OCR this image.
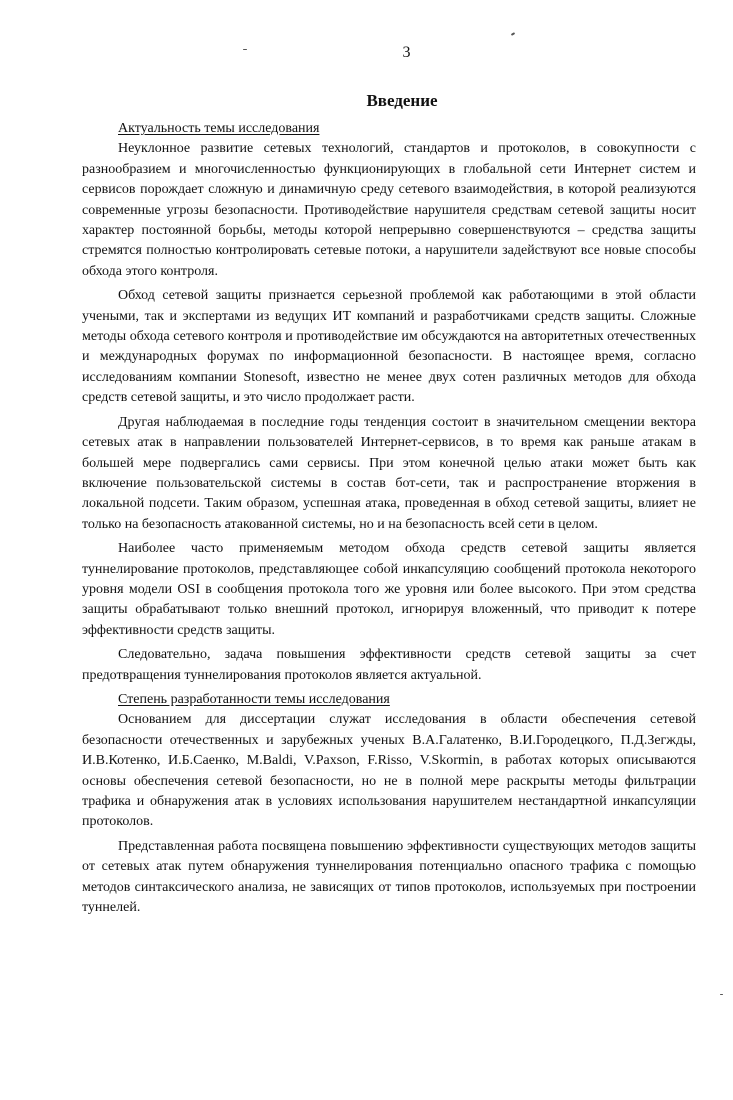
3
Введение

Актуальность темы исследования

Неуклонное развитие сетевых технологий, стандартов и протоколов, в совокупности с разнообразием и многочисленностью функционирующих в глобальной сети Интернет систем и сервисов порождает сложную и динамичную среду сетевого взаимодействия, в которой реализуются современные угрозы безопасности. Противодействие нарушителя средствам сетевой защиты носит характер постоянной борьбы, методы которой непрерывно совершенствуются – средства защиты стремятся полностью контролировать сетевые потоки, а нарушители задействуют все новые способы обхода этого контроля.

Обход сетевой защиты признается серьезной проблемой как работающими в этой области учеными, так и экспертами из ведущих ИТ компаний и разработчиками средств защиты. Сложные методы обхода сетевого контроля и противодействие им обсуждаются на авторитетных отечественных и международных форумах по информационной безопасности. В настоящее время, согласно исследованиям компании Stonesoft, известно не менее двух сотен различных методов для обхода средств сетевой защиты, и это число продолжает расти.

Другая наблюдаемая в последние годы тенденция состоит в значительном смещении вектора сетевых атак в направлении пользователей Интернет-сервисов, в то время как раньше атакам в большей мере подвергались сами сервисы. При этом конечной целью атаки может быть как включение пользовательской системы в состав бот-сети, так и распространение вторжения в локальной подсети. Таким образом, успешная атака, проведенная в обход сетевой защиты, влияет не только на безопасность атакованной системы, но и на безопасность всей сети в целом.

Наиболее часто применяемым методом обхода средств сетевой защиты является туннелирование протоколов, представляющее собой инкапсуляцию сообщений протокола некоторого уровня модели OSI в сообщения протокола того же уровня или более высокого. При этом средства защиты обрабатывают только внешний протокол, игнорируя вложенный, что приводит к потере эффективности средств защиты.

Следовательно, задача повышения эффективности средств сетевой защиты за счет предотвращения туннелирования протоколов является актуальной.

Степень разработанности темы исследования

Основанием для диссертации служат исследования в области обеспечения сетевой безопасности отечественных и зарубежных ученых В.А.Галатенко, В.И.Городецкого, П.Д.Зегжды, И.В.Котенко, И.Б.Саенко, M.Baldi, V.Paxson, F.Risso, V.Skormin, в работах которых описываются основы обеспечения сетевой безопасности, но не в полной мере раскрыты методы фильтрации трафика и обнаружения атак в условиях использования нарушителем нестандартной инкапсуляции протоколов.

Представленная работа посвящена повышению эффективности существующих методов защиты от сетевых атак путем обнаружения туннелирования потенциально опасного трафика с помощью методов синтаксического анализа, не зависящих от типов протоколов, используемых при построении туннелей.
